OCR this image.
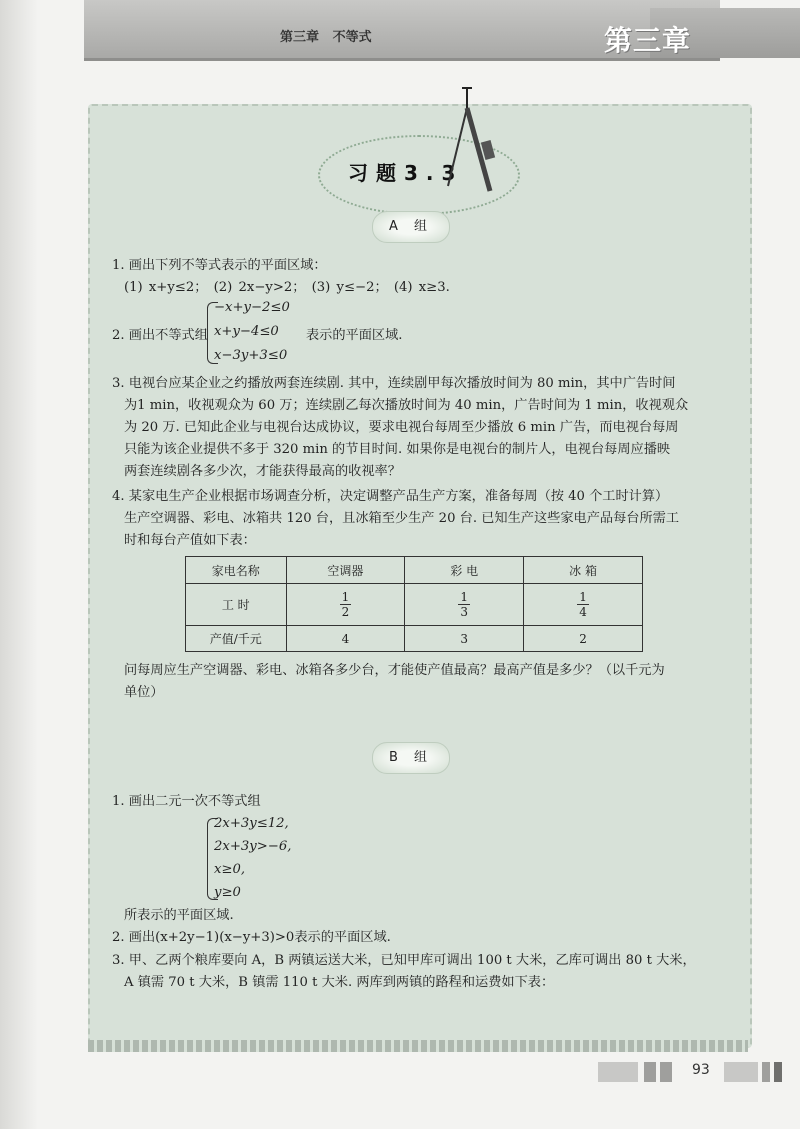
第三章   不等式	第三章
习题3.3
A 组
1. 画出下列不等式表示的平面区域：
(1) x+y≤2； (2) 2x−y>2； (3) y≤−2； (4) x≥3.
2. 画出不等式组
−x+y−2≤0
x+y−4≤0
x−3y+3≤0
表示的平面区域.
3. 电视台应某企业之约播放两套连续剧. 其中，连续剧甲每次播放时间为 80 min，其中广告时间
为1 min，收视观众为 60 万；连续剧乙每次播放时间为 40 min，广告时间为 1 min，收视观众
为 20 万. 已知此企业与电视台达成协议，要求电视台每周至少播放 6 min 广告，而电视台每周
只能为该企业提供不多于 320 min 的节目时间. 如果你是电视台的制片人，电视台每周应播映
两套连续剧各多少次，才能获得最高的收视率？
4. 某家电生产企业根据市场调查分析，决定调整产品生产方案，准备每周（按 40 个工时计算）
生产空调器、彩电、冰箱共 120 台，且冰箱至少生产 20 台. 已知生产这些家电产品每台所需工
时和每台产值如下表：
家电名称	空调器	彩 电	冰 箱
工 时	$\frac{1}{2}$	$\frac{1}{3}$	$\frac{1}{4}$

产值/千元	4	3	2
问每周应生产空调器、彩电、冰箱各多少台，才能使产值最高？最高产值是多少？（以千元为
单位）
B 组
1. 画出二元一次不等式组
2x+3y≤12,
2x+3y>−6,
x≥0,
y≥0
所表示的平面区域.
2. 画出(x+2y−1)(x−y+3)>0表示的平面区域.
3. 甲、乙两个粮库要向 A，B 两镇运送大米，已知甲库可调出 100 t 大米，乙库可调出 80 t 大米，
A 镇需 70 t 大米，B 镇需 110 t 大米. 两库到两镇的路程和运费如下表：
93
